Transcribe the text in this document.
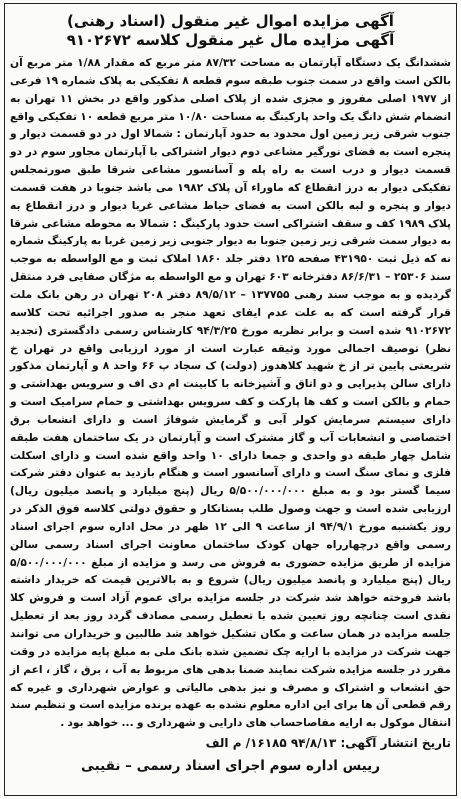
آگهی مزایده اموال غیر منقول (اسناد رهنی)
آگهی مزایده مال غیر منقول کلاسه ۹۱۰۲۶۷۲

ششدانگ یک دستگاه آپارتمان به مساحت ۸۷/۳۲ متر مربع که مقدار ۱/۸۸ متر مربع آن بالکن است واقع در سمت جنوب طبقه سوم قطعه ۸ تفکیکی به پلاک شماره ۱۹ فرعی از ۱۹۷۷ اصلی مفروز و مجزی شده از پلاک اصلی مذکور واقع در بخش ۱۱ تهران به انضمام شش دانگ یک واحد پارکینگ به مساحت ۱۰/۸۰ متر مربع قطعه ۱۰ تفکیکی واقع جنوب شرقی زیر زمین اول محدود به حدود آپارتمان : شمالا اول در دو قسمت دیوار و پنجره است به فضای نورگیر مشاعی دوم دیوار اشتراکی با آپارتمان مجاور سوم در دو قسمت دیوار و درب است به راه پله و آسانسور مشاعی شرقا طبق صورتمجلس تفکیکی دیوار به درز انقطاع که ماوراء آن پلاک ۱۹۸۲ می باشد جنوبا در هفت قسمت دیوار و پنجره و لبه بالکن است به فضای حیاط مشاعی غربا دیوار و درز انقطاع به پلاک ۱۹۸۹ کف و سقف اشتراکی است حدود پارکینگ : شمالا به محوطه مشاعی شرقا به دیوار سمت شرقی زیر زمین جنوبا به دیوار جنوبی زیر زمین غربا به پارکینگ شماره نه که ذیل ثبت ۴۳۱۹۵۰ صفحه ۱۲۵ دفتر جلد ۱۸۶۰ املاک ثبت و مع الواسطه به موجب سند ۲۵۳۰۶ – ۸۶/۶/۳۱ دفترخانه ۶۰۳ تهران و مع الواسطه به مژگان صفایی فرد منتقل گردیده و به موجب سند رهنی ۱۳۷۷۵۵ – ۸۹/۵/۱۲ دفتر ۲۰۸ تهران در رهن بانک ملت قرار گرفته است که به علت عدم ایفای تعهد منجر به صدور اجرائیه تحت کلاسه ۹۱۰۲۶۷۲ شده است و برابر نظریه مورخ ۹۴/۳/۲۵ کارشناس رسمی دادگستری (تجدید نظر) توصیف اجمالی مورد وثیقه عبارت است از مورد ارزیابی واقع در تهران خ شریعتی پایین تر از خ شهید کلاهدوز (دولت) ک سجاد پ ۶۶ واحد ۸ و آپارتمان مذکور دارای سالن پذیرایی و دو اتاق و آشپزخانه با کابینت ام دی اف و سرویس بهداشتی و حمام و بالکن است و کف ها پارکت و کف سرویس بهداشتی و حمام سرامیک است و دارای سیستم سرمایش کولر آبی و گرمایش شوفاژ است و دارای انشعاب برق اختصاصی و انشعابات آب و گاز مشترک است و آپارتمان در یک ساختمان هفت طبقه شامل چهار طبقه دو واحدی و جمعا دارای ۱۰ واحد واقع شده است و دارای اسکلت فلزی و نمای سنگ است و دارای آسانسور است و هنگام بازدید به عنوان دفتر شرکت سیما گستر بود و به مبلغ ۵/۵۰۰/۰۰۰/۰۰۰ ریال (پنج میلیارد و پانصد میلیون ریال) ارزیابی شده است و جهت وصول طلب بستانکار و حقوق دولتی کلاسه فوق الذکر در روز یکشنبه مورخ ۹۴/۹/۱ از ساعت ۹ الی ۱۲ ظهر در محل اداره سوم اجرای اسناد رسمی واقع درچهارراه جهان کودک ساختمان معاونت اجرای اسناد رسمی سالن مزایده از طریق مزایده حضوری به فروش می رسد و مزایده از مبلغ ۵/۵۰۰/۰۰۰/۰۰۰ ریال (پنج میلیارد و پانصد میلیون ریال) شروع و به بالاترین قیمت که خریدار داشته باشد فروخته خواهد شد شرکت در جلسه مزایده برای عموم آزاد است و فروش کلا نقدی است چنانچه روز تعیین شده با تعطیل رسمی مصادف گردد روز بعد از تعطیل جلسه مزایده در همان ساعت و مکان تشکیل خواهد شد طالبین و خریداران می توانند جهت شرکت در مزایده با ارایه چک تضمین شده بانک ملی به مبلغ پایه مزایده در وقت مقرر در جلسه مزایده شرکت نمایند ضمنا بدهی های مربوط به آب ، برق ، گاز ، اعم از حق انشعاب و اشتراک و مصرف و نیز بدهی مالیاتی و عوارض شهرداری و غیره که رقم قطعی آن ها برای این اداره معلوم نشده به عهده برنده مزایده است و تنظیم سند انتقال موکول به ارایه مفاصاحساب های دارایی و شهرداری و ... خواهد بود .

تاریخ انتشار آگهی: ۹۴/۸/۱۳ ۱۶۱۸۵/ م الف
رییس اداره سوم اجرای اسناد رسمی – نقیبی
